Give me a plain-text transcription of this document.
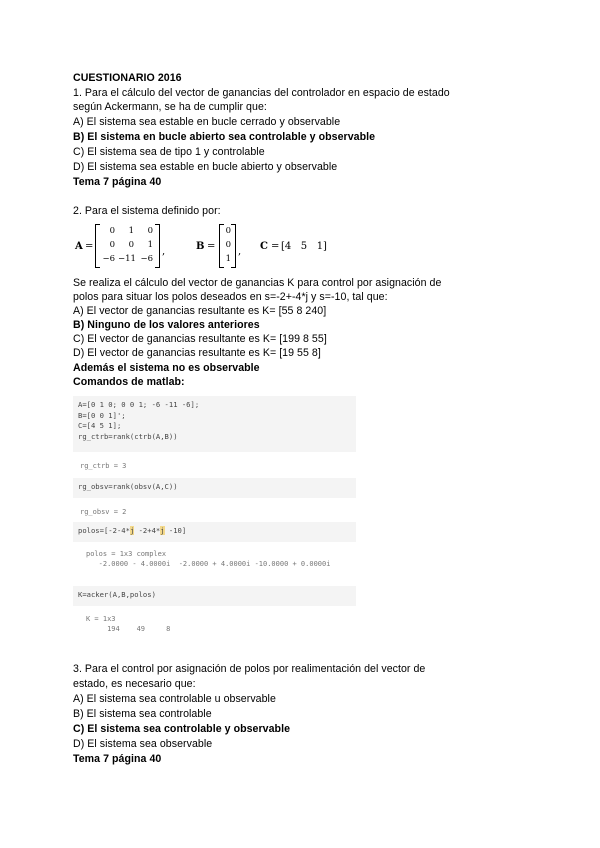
CUESTIONARIO 2016
1. Para el cálculo del vector de ganancias del controlador en espacio de estado
según Ackermann, se ha de cumplir que:
A) El sistema sea estable en bucle cerrado y observable
B) El sistema en bucle abierto sea controlable y observable
C) El sistema sea de tipo 1 y controlable
D) El sistema sea estable en bucle abierto y observable
Tema 7 página 40
2. Para el sistema definido por:
A =
0	1	0
0	0	1
−6 −11 −6
,	B =
0
0
1
, C = [4   5   1]
Se realiza el cálculo del vector de ganancias K para control por asignación de
polos para situar los polos deseados en s=-2+-4*j y s=-10, tal que:
A) El vector de ganancias resultante es K= [55 8 240]
B) Ninguno de los valores anteriores
C) El vector de ganancias resultante es K= [199 8 55]
D) El vector de ganancias resultante es K= [19 55 8]
Además el sistema no es observable
Comandos de matlab:
A=[0 1 0; 0 0 1; -6 -11 -6];
B=[0 0 1]';
C=[4 5 1];
rg_ctrb=rank(ctrb(A,B))
rg_ctrb = 3
rg_obsv=rank(obsv(A,C))
rg_obsv = 2
polos=[-2-4*j -2+4*j -10]
polos = 1x3 complex
-2.0000 - 4.0000i  -2.0000 + 4.0000i -10.0000 + 0.0000i
K=acker(A,B,polos)
K = 1x3
194    49     8
3. Para el control por asignación de polos por realimentación del vector de
estado, es necesario que:
A) El sistema sea controlable u observable
B) El sistema sea controlable
C) El sistema sea controlable y observable
D) El sistema sea observable
Tema 7 página 40
